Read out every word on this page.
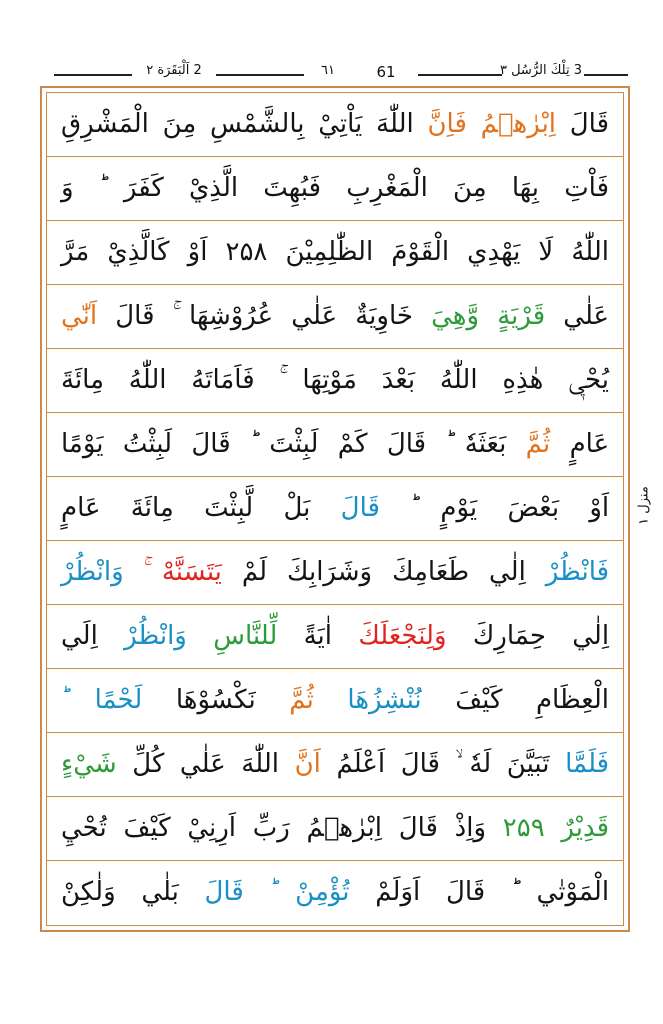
2 اَلْبَقَرَة ۲	٦١	61	3 تِلْكَ الرُّسُل ۳
قَالَ اِبْرٰهٖمُ فَاِنَّ اللّٰهَ يَاْتِيْ بِالشَّمْسِ مِنَ الْمَشْرِقِ
فَاْتِ بِهَا مِنَ الْمَغْرِبِ فَبُهِتَ الَّذِيْ كَفَرَ ؕ وَ
اللّٰهُ لَا يَهْدِي الْقَوْمَ الظّٰلِمِيْنَ ۲۵۸ اَوْ كَالَّذِيْ مَرَّ
عَلٰي قَرْيَةٍ وَّهِيَ خَاوِيَةٌ عَلٰي عُرُوْشِهَا ۚ قَالَ اَنّٰي
يُحْيٖ هٰذِهِ اللّٰهُ بَعْدَ مَوْتِهَا ۚ فَاَمَاتَهُ اللّٰهُ مِائَةَ
عَامٍ ثُمَّ بَعَثَهٗ ؕ قَالَ كَمْ لَبِثْتَ ؕ قَالَ لَبِثْتُ يَوْمًا
اَوْ بَعْضَ يَوْمٍ ؕ قَالَ بَلْ لَّبِثْتَ مِائَةَ عَامٍ
فَانْظُرْ اِلٰي طَعَامِكَ وَشَرَابِكَ لَمْ يَتَسَنَّهْ ۚ وَانْظُرْ
اِلٰي حِمَارِكَ وَلِنَجْعَلَكَ اٰيَةً لِّلنَّاسِ وَانْظُرْ اِلَي
الْعِظَامِ كَيْفَ نُنْشِزُهَا ثُمَّ نَكْسُوْهَا لَحْمًا ؕ
فَلَمَّا تَبَيَّنَ لَهٗ ۙ قَالَ اَعْلَمُ اَنَّ اللّٰهَ عَلٰي كُلِّ شَيْءٍ
قَدِيْرٌ ۲۵۹ وَاِذْ قَالَ اِبْرٰهٖمُ رَبِّ اَرِنِيْ كَيْفَ تُحْيِ
الْمَوْتٰي ؕ قَالَ اَوَلَمْ تُؤْمِنْ ؕ قَالَ بَلٰي وَلٰكِنْ
منزل ۱
